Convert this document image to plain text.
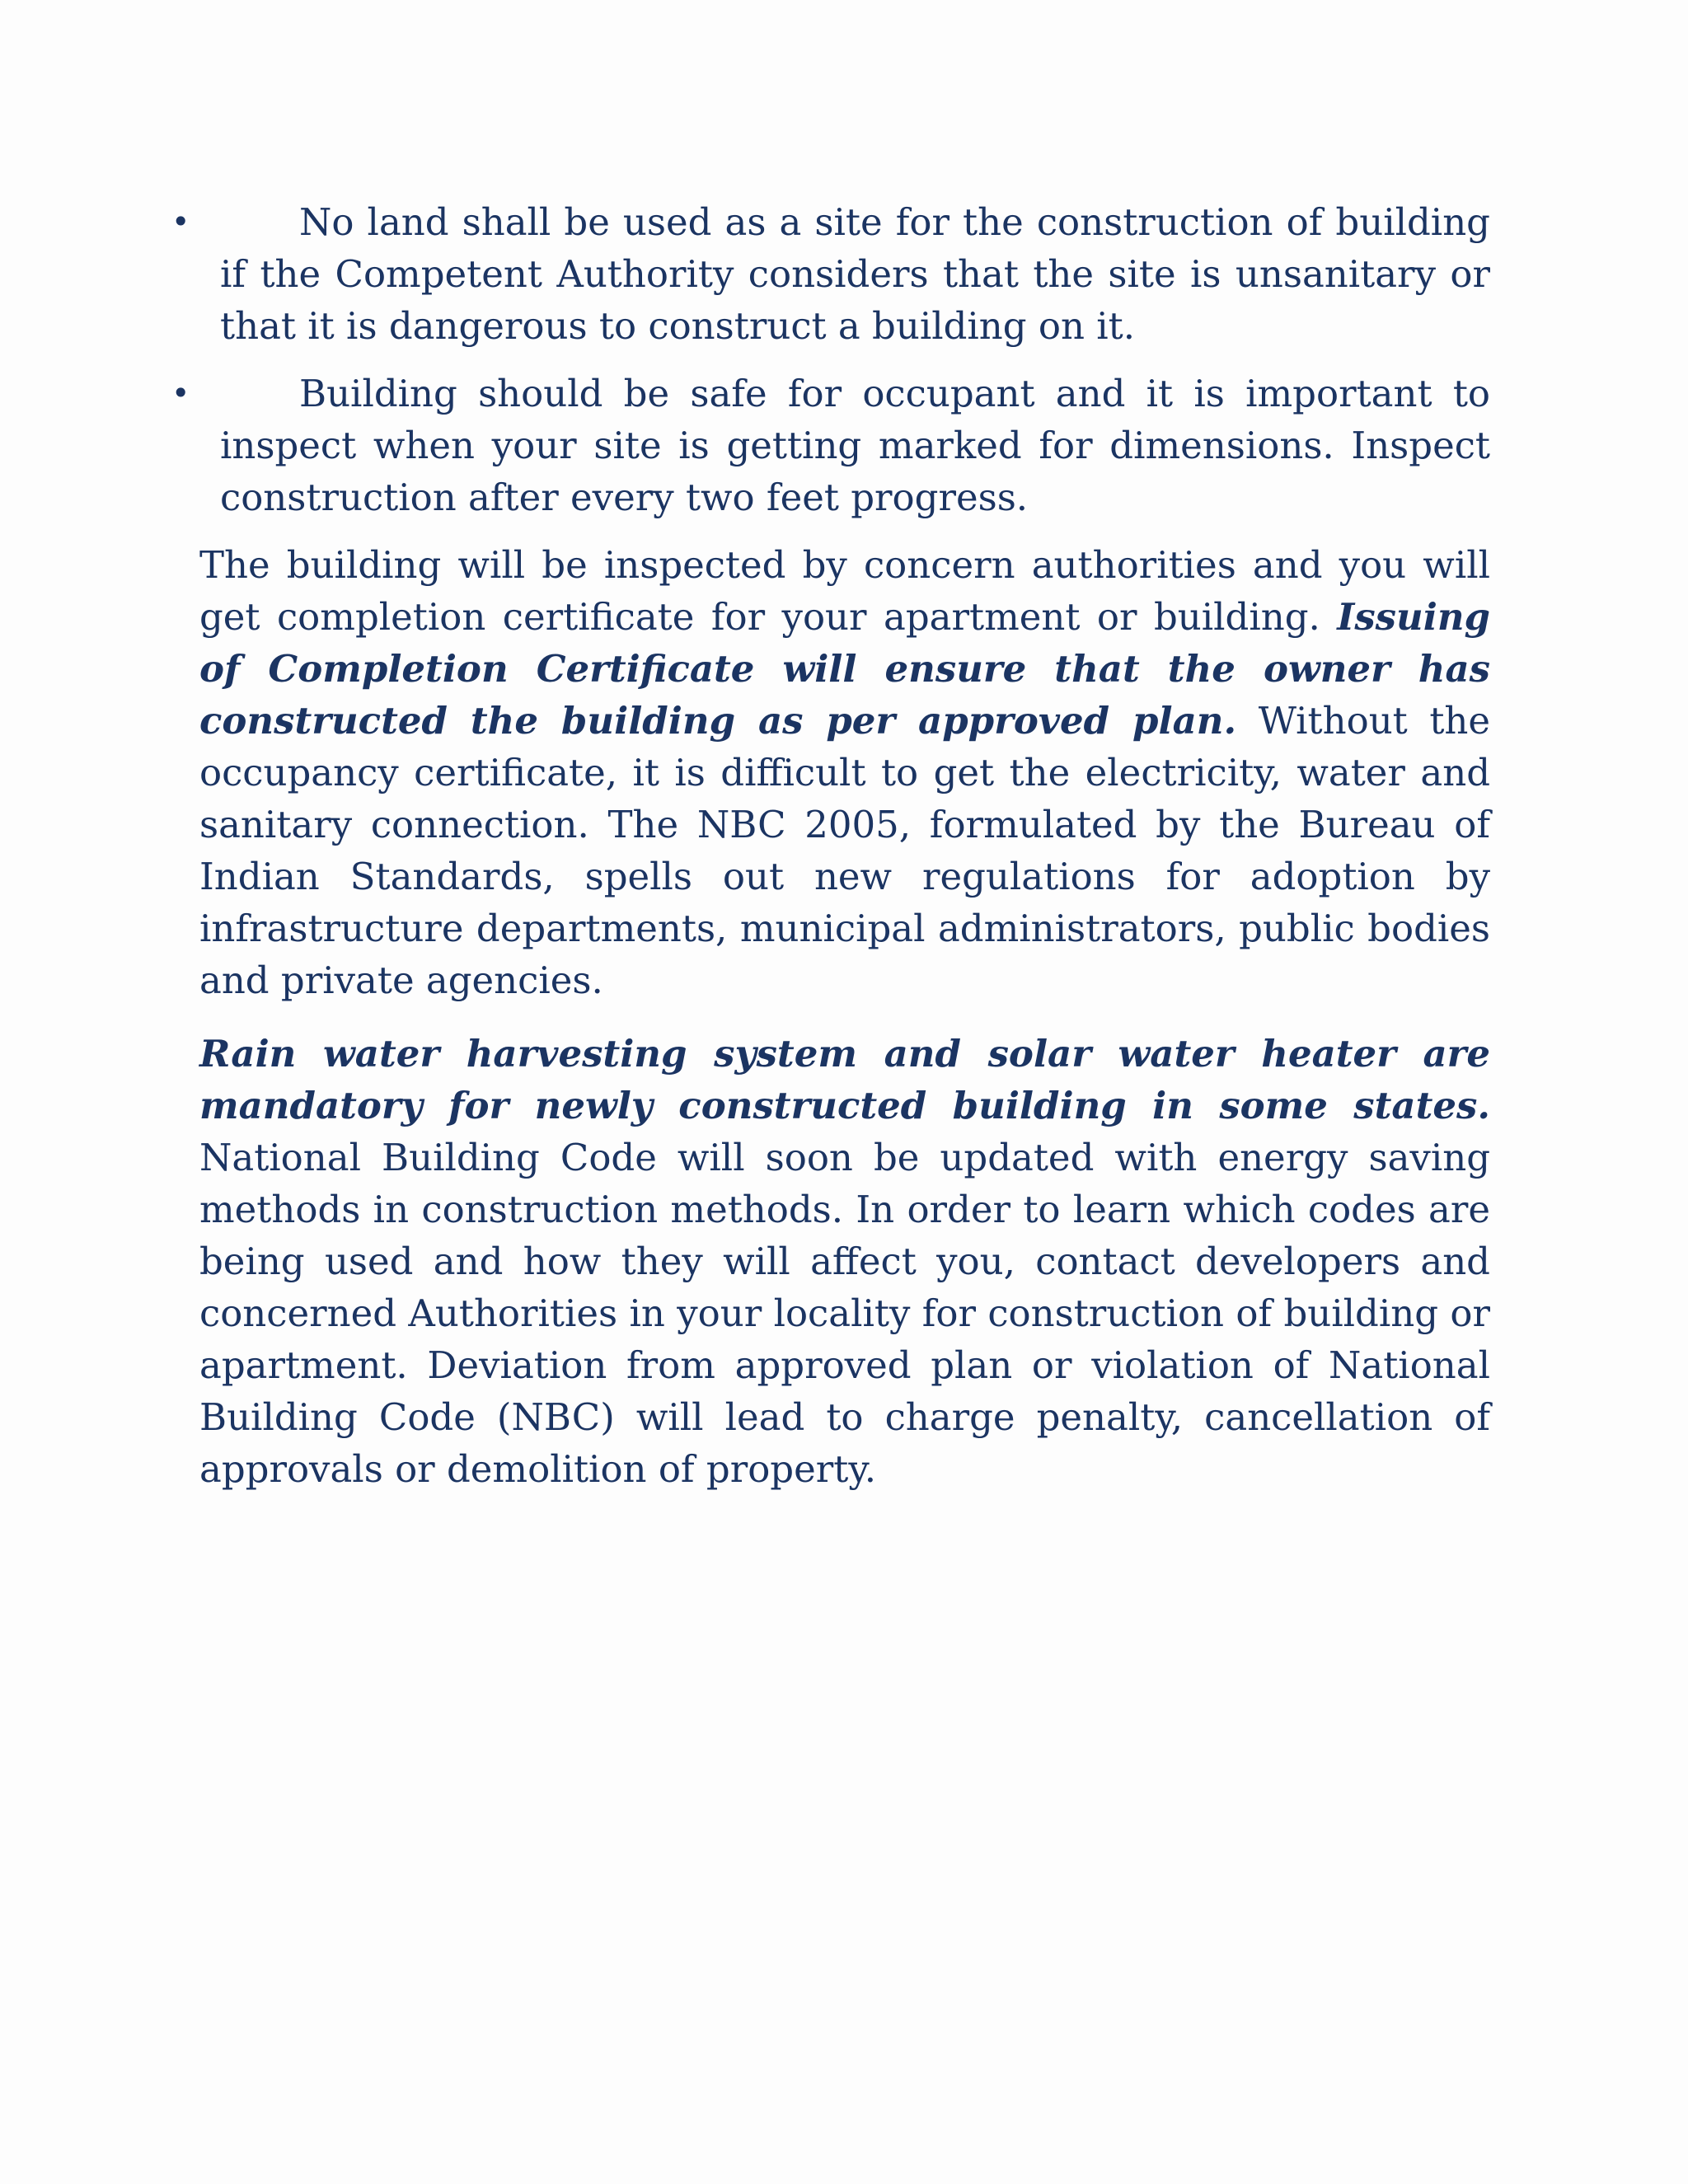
•	No land shall be used as a site for the construction of building if the Competent Authority considers that the site is unsanitary or that it is dangerous to construct a building on it.
•	Building should be safe for occupant and it is important to inspect when your site is getting marked for dimensions. Inspect construction after every two feet progress.

The building will be inspected by concern authorities and you will get completion certificate for your apartment or building. Issuing of Completion Certificate will ensure that the owner has constructed the building as per approved plan. Without the occupancy certificate, it is difficult to get the electricity, water and sanitary connection. The NBC 2005, formulated by the Bureau of Indian Standards, spells out new regulations for adoption by infrastructure departments, municipal administrators, public bodies and private agencies.

Rain water harvesting system and solar water heater are mandatory for newly constructed building in some states. National Building Code will soon be updated with energy saving methods in construction methods. In order to learn which codes are being used and how they will affect you, contact developers and concerned Authorities in your locality for construction of building or apartment. Deviation from approved plan or violation of National Building Code (NBC) will lead to charge penalty, cancellation of approvals or demolition of property.
